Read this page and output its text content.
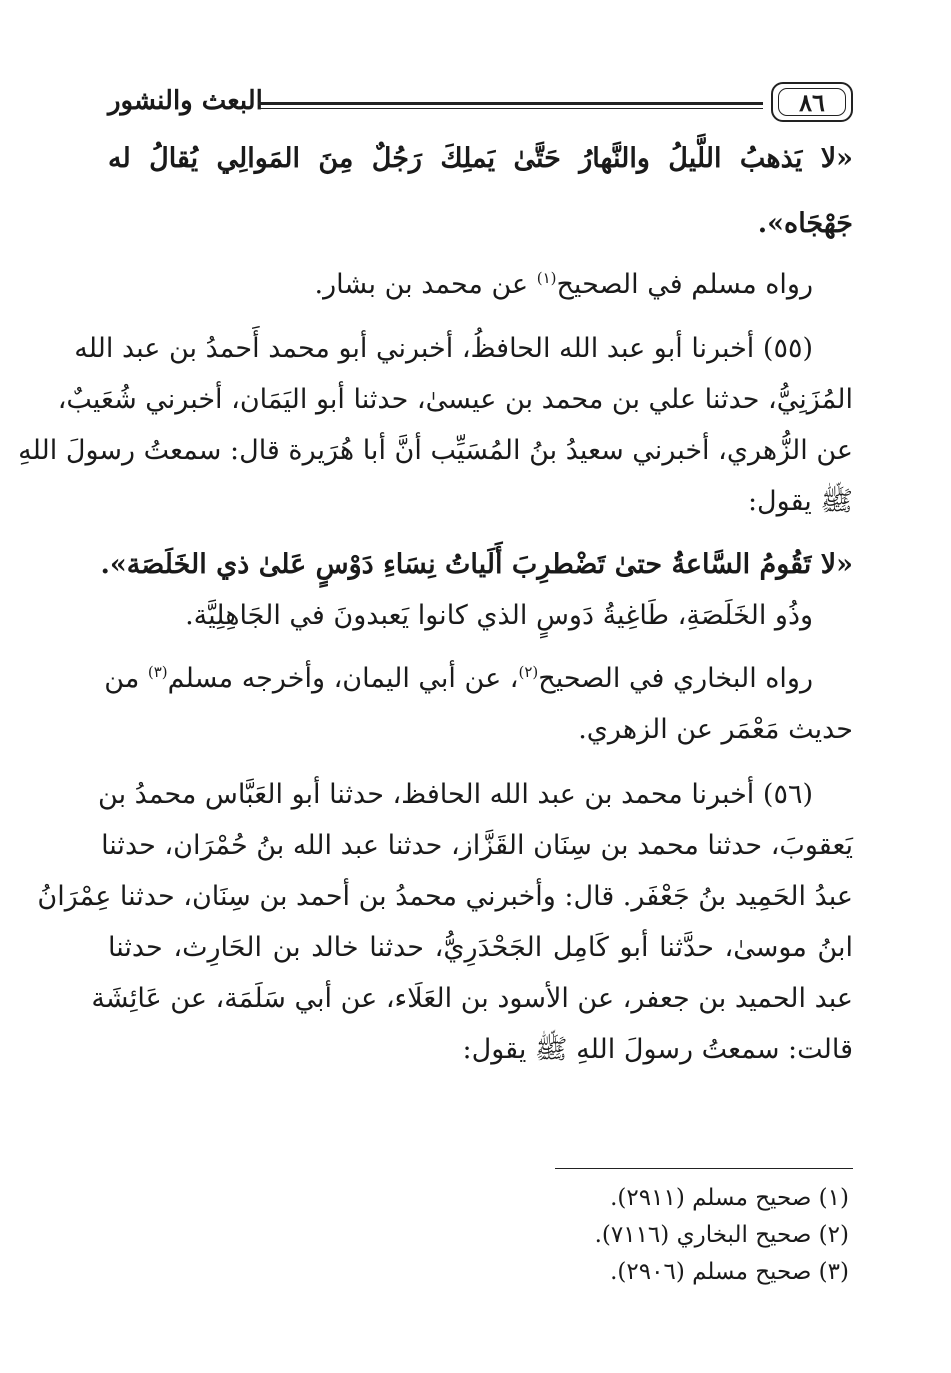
البعث والنشور	٨٦
«لا يَذهبُ اللَّيلُ والنَّهارُ حَتَّىٰ يَملِكَ رَجُلٌ مِنَ المَوالِي يُقالُ له
جَهْجَاه».
رواه مسلم في الصحيح$^{(١)}$ عن محمد بن بشار.
(٥٥) أخبرنا أبو عبد الله الحافظُ، أخبرني أبو محمد أَحمدُ بن عبد الله
المُزَنِيُّ، حدثنا علي بن محمد بن عيسىٰ، حدثنا أبو اليَمَان، أخبرني شُعَيبٌ،
عن الزُّهري، أخبرني سعيدُ بنُ المُسَيِّب أنَّ أبا هُرَيرة قال: سمعتُ رسولَ اللهِ
ﷺ يقول:
«لا تَقُومُ السَّاعةُ حتىٰ تَضْطرِبَ أَلَياتُ نِسَاءِ دَوْسٍ عَلىٰ ذي الخَلَصَة».
وذُو الخَلَصَةِ، طَاغِيةُ دَوسٍ الذي كانوا يَعبدونَ في الجَاهِلِيَّة.
رواه البخاري في الصحيح$^{(٢)}$، عن أبي اليمان، وأخرجه مسلم$^{(٣)}$ من
حديث مَعْمَر عن الزهري.
(٥٦) أخبرنا محمد بن عبد الله الحافظ، حدثنا أبو العَبَّاس محمدُ بن
يَعقوبَ، حدثنا محمد بن سِنَان القَزَّاز، حدثنا عبد الله بنُ حُمْرَان، حدثنا
عبدُ الحَمِيد بنُ جَعْفَر. قال: وأخبرني محمدُ بن أحمد بن سِنَان، حدثنا عِمْرَانُ
ابنُ موسىٰ، حدَّثنا أبو كَامِل الجَحْدَرِيُّ، حدثنا خالد بن الحَارِث، حدثنا
عبد الحميد بن جعفر، عن الأسود بن العَلَاء، عن أبي سَلَمَة، عن عَائِشَة
قالت: سمعتُ رسولَ اللهِ ﷺ يقول:
(١) صحيح مسلم (٢٩١١).
(٢) صحيح البخاري (٧١١٦).
(٣) صحيح مسلم (٢٩٠٦).
